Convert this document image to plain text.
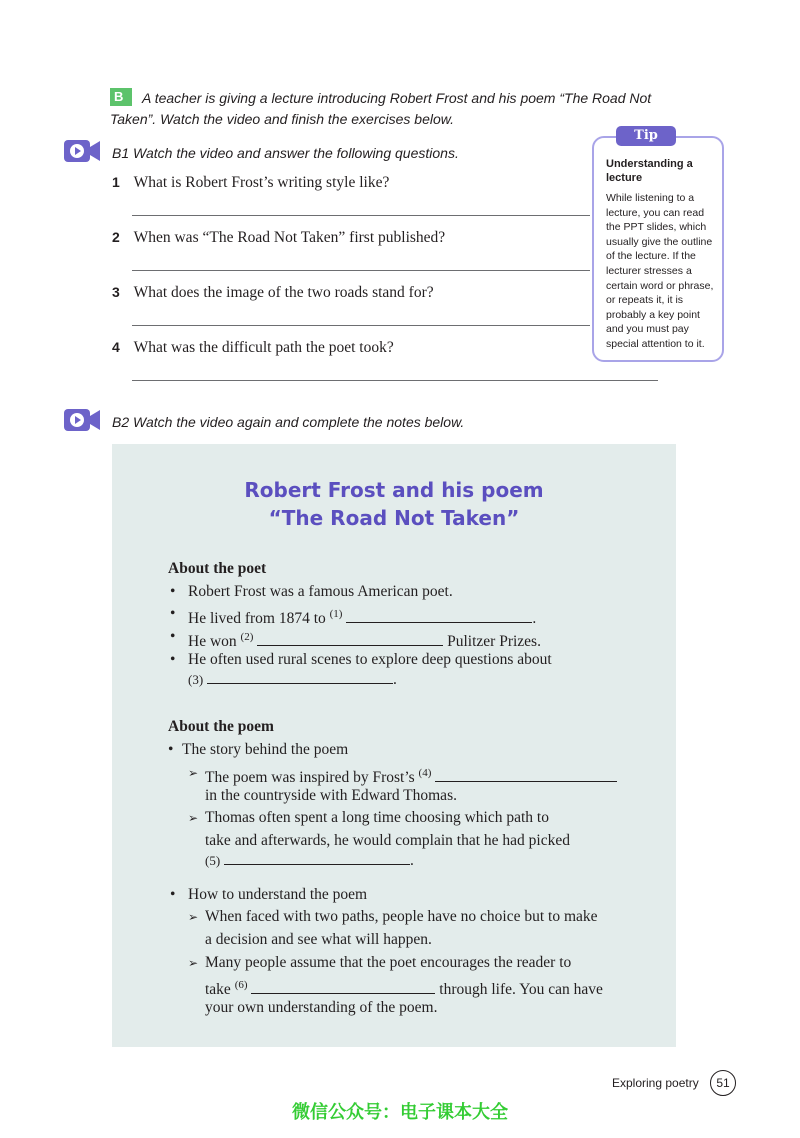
B	A teacher is giving a lecture introducing Robert Frost and his poem “The Road Not
Taken”. Watch the video and finish the exercises below.
B1 Watch the video and answer the following questions.
1 What is Robert Frost’s writing style like?
2 When was “The Road Not Taken” first published?
3 What does the image of the two roads stand for?
4 What was the difficult path the poet took?
Tip
Understanding a lecture
While listening to a lecture, you can read the PPT slides, which usually give the outline of the lecture. If the lecturer stresses a certain word or phrase, or repeats it, it is probably a key point and you must pay special attention to it.
B2 Watch the video again and complete the notes below.
Robert Frost and his poem
“The Road Not Taken”
About the poet
• Robert Frost was a famous American poet.
• He lived from 1874 to $^{(1)}$	.
• He won $^{(2)}$	Pulitzer Prizes.
• He often used rural scenes to explore deep questions about
(3)	.
About the poem
• The story behind the poem
➢ The poem was inspired by Frost’s $^{(4)}$
in the countryside with Edward Thomas.
➢ Thomas often spent a long time choosing which path to
take and afterwards, he would complain that he had picked
(5)	.
• How to understand the poem
➢ When faced with two paths, people have no choice but to make
a decision and see what will happen.
➢ Many people assume that the poet encourages the reader to
take $^{(6)}$	through life. You can have
your own understanding of the poem.
Exploring poetry	51
微信公众号：电子课本大全
